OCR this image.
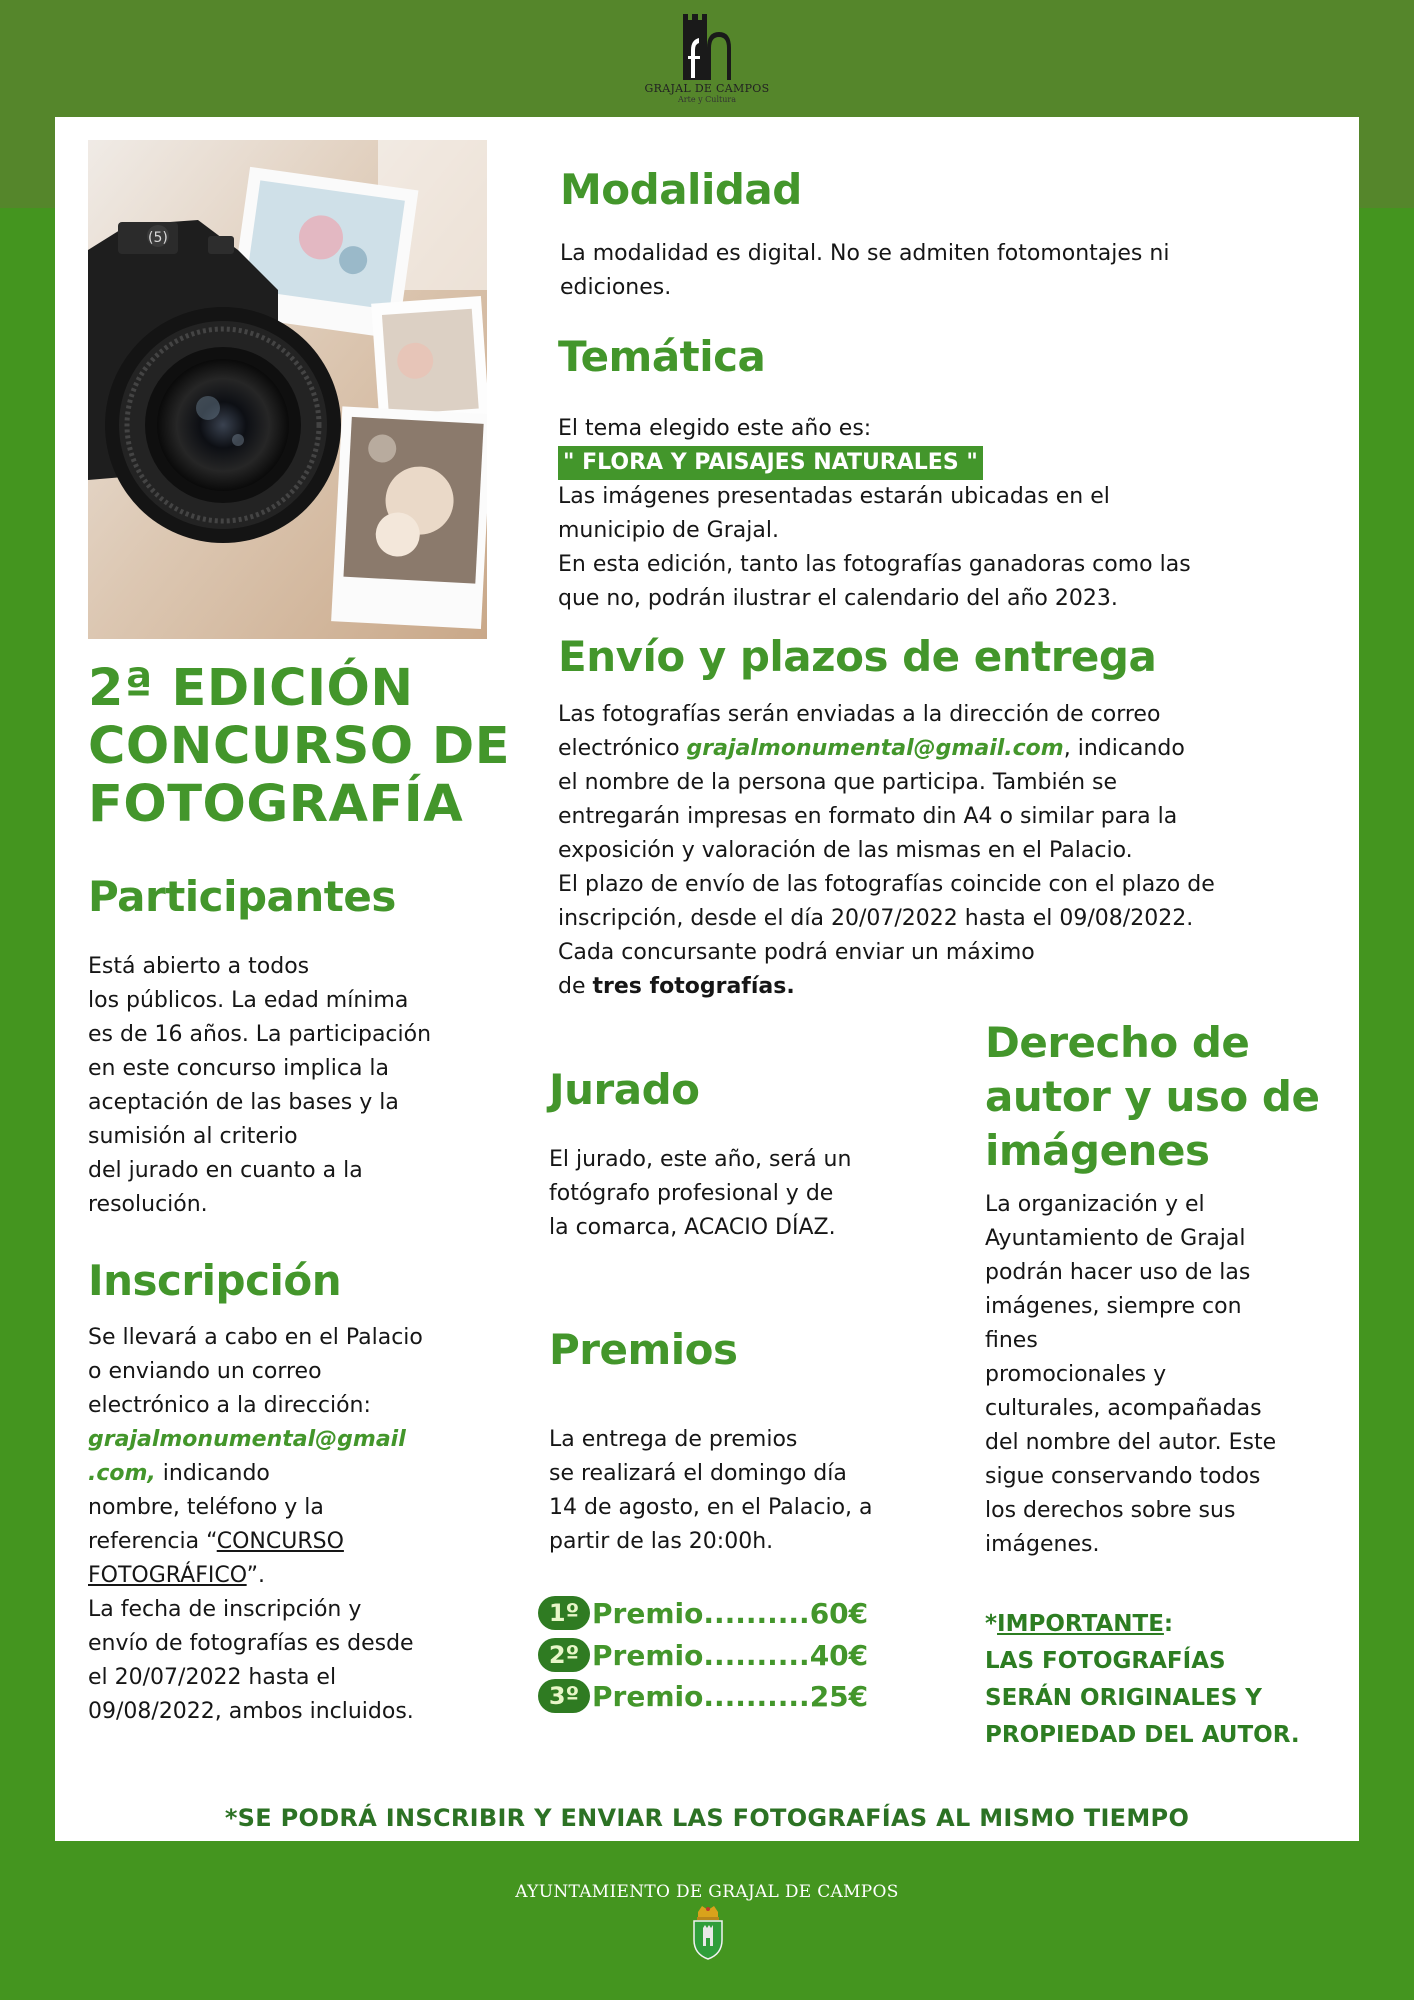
GRAJAL DE CAMPOS
Arte y Cultura
(5)
2ª EDICIÓN
CONCURSO DE
FOTOGRAFÍA
Participantes
Está abierto a todos
los públicos. La edad mínima
es de 16 años. La participación
en este concurso implica la
aceptación de las bases y la
sumisión al criterio
del jurado en cuanto a la
resolución.
Inscripción
Se llevará a cabo en el Palacio
o enviando un correo
electrónico a la dirección:
grajalmonumental@gmail
.com, indicando
nombre, teléfono y la
referencia “CONCURSO
FOTOGRÁFICO”.
La fecha de inscripción y
envío de fotografías es desde
el 20/07/2022 hasta el
09/08/2022, ambos incluidos.
Modalidad
La modalidad es digital. No se admiten fotomontajes ni
ediciones.
Temática
El tema elegido este año es:
" FLORA Y PAISAJES NATURALES "
Las imágenes presentadas estarán ubicadas en el
municipio de Grajal.
En esta edición, tanto las fotografías ganadoras como las
que no, podrán ilustrar el calendario del año 2023.
Envío y plazos de entrega
Las fotografías serán enviadas a la dirección de correo
electrónico grajalmonumental@gmail.com, indicando
el nombre de la persona que participa. También se
entregarán impresas en formato din A4 o similar para la
exposición y valoración de las mismas en el Palacio.
El plazo de envío de las fotografías coincide con el plazo de
inscripción, desde el día 20/07/2022 hasta el 09/08/2022.
Cada concursante podrá enviar un máximo
de tres fotografías.
Jurado
El jurado, este año, será un
fotógrafo profesional y de
la comarca, ACACIO DÍAZ.
Premios
La entrega de premios
se realizará el domingo día
14 de agosto, en el Palacio, a
partir de las 20:00h.
1º Premio..........60€
2º Premio..........40€
3º Premio..........25€
Derecho de
autor y uso de
imágenes
La organización y el
Ayuntamiento de Grajal
podrán hacer uso de las
imágenes, siempre con
fines
promocionales y
culturales, acompañadas
del nombre del autor. Este
sigue conservando todos
los derechos sobre sus
imágenes.
*IMPORTANTE:
LAS FOTOGRAFÍAS
SERÁN ORIGINALES Y
PROPIEDAD DEL AUTOR.
*SE PODRÁ INSCRIBIR Y ENVIAR LAS FOTOGRAFÍAS AL MISMO TIEMPO
AYUNTAMIENTO DE GRAJAL DE CAMPOS
